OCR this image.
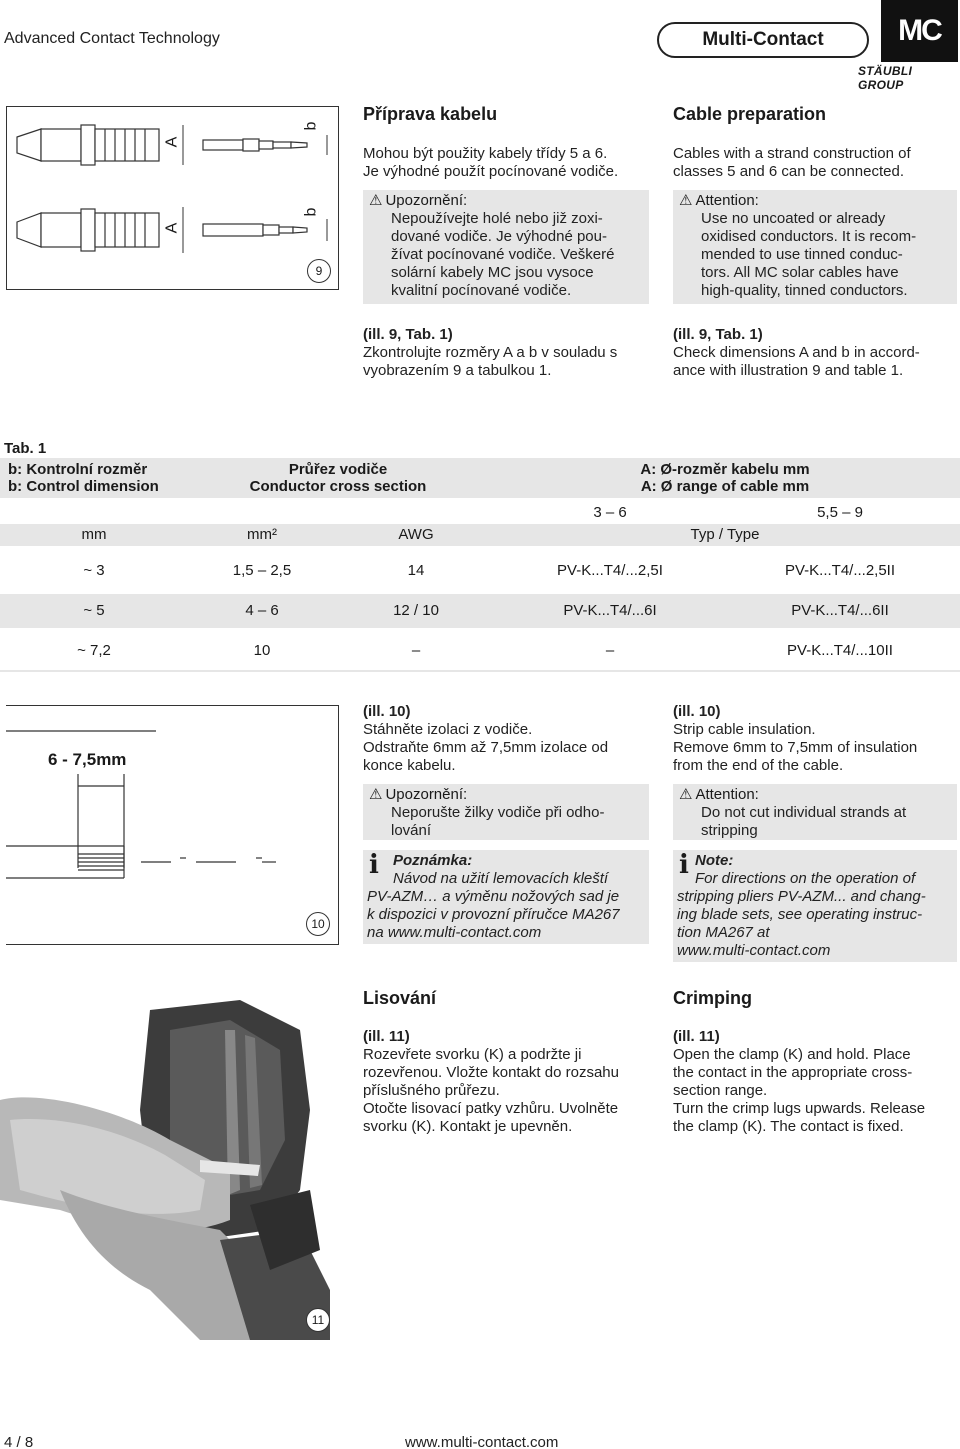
Advanced Contact Technology	Multi-Contact	MC
STÄUBLI GROUP
A
A
b
b
9
Příprava kabelu
Mohou být použity kabely třídy 5 a 6.
Je výhodné použít pocínované vodiče.
⚠ Upozornění:
Nepoužívejte holé nebo již zoxi-
dované vodiče. Je výhodné pou-
žívat pocínované vodiče. Veškeré
solární kabely MC jsou vysoce
kvalitní pocínované vodiče.
Cable preparation
Cables with a strand construction of
classes 5 and 6 can be connected.
⚠ Attention:
Use no uncoated or already
oxidised conductors. It is recom-
mended to use tinned conduc-
tors. All MC solar cables have
high-quality, tinned conductors.
(ill. 9, Tab. 1)
Zkontrolujte rozměry A a b v souladu s
vyobrazením 9 a tabulkou 1.
(ill. 9, Tab. 1)
Check dimensions A and b in accord-
ance with illustration 9 and table 1.
Tab. 1
b: Kontrolní rozměr
b: Control dimension
Průřez vodiče
Conductor cross section
A: Ø-rozměr kabelu mm
A: Ø range of cable mm
3 – 6	5,5 – 9
mm	mm²	AWG	Typ / Type
~ 3	1,5 – 2,5	14	PV-K...T4/...2,5I	PV-K...T4/...2,5II
~ 5	4 – 6	12 / 10	PV-K...T4/...6I	PV-K...T4/...6II
~ 7,2	10	–	–	PV-K...T4/...10II
6 - 7,5mm
10
(ill. 10)
Stáhněte izolaci z vodiče.
Odstraňte 6mm až 7,5mm izolace od
konce kabelu.
⚠ Upozornění:
Neporušte žilky vodiče při odho-
lování
i Poznámka:
Návod na užití lemovacích kleští
PV-AZM… a výměnu nožových sad je
k dispozici v provozní příručce MA267
na www.multi-contact.com
(ill. 10)
Strip cable insulation.
Remove 6mm to 7,5mm of insulation
from the end of the cable.
⚠ Attention:
Do not cut individual strands at
stripping
i Note:
For directions on the operation of
stripping pliers PV-AZM... and chang-
ing blade sets, see operating instruc-
tion MA267 at
www.multi-contact.com
11
Lisování
(ill. 11)
Rozevřete svorku (K) a podržte ji
rozevřenou. Vložte kontakt do rozsahu
příslušného průřezu.
Otočte lisovací patky vzhůru. Uvolněte
svorku (K). Kontakt je upevněn.
Crimping
(ill. 11)
Open the clamp (K) and hold. Place
the contact in the appropriate cross-
section range.
Turn the crimp lugs upwards. Release
the clamp (K). The contact is fixed.
4 / 8	www.multi-contact.com
